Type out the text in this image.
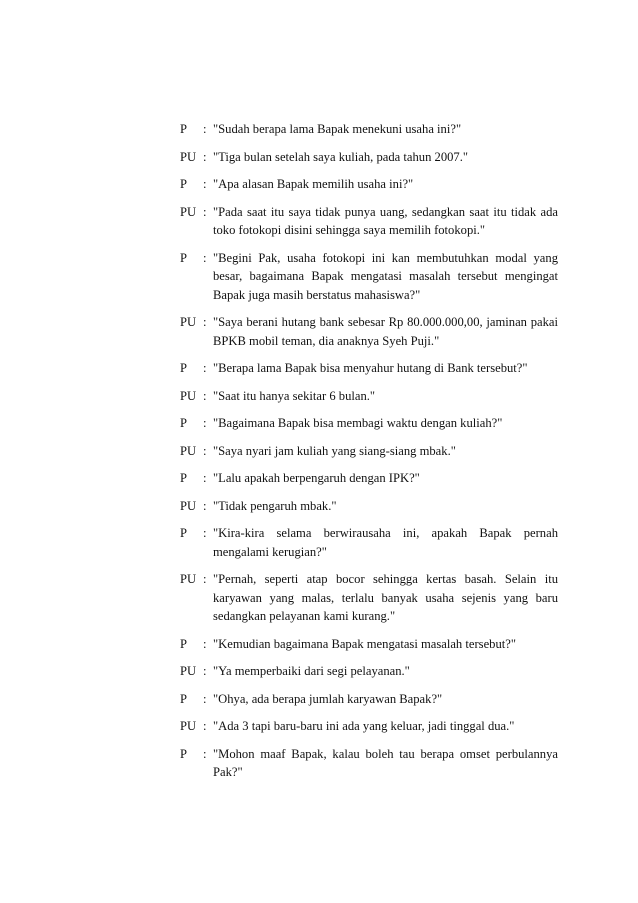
P	: "Sudah berapa lama Bapak menekuni usaha ini?"
PU : "Tiga bulan setelah saya kuliah, pada tahun 2007."
P	: "Apa alasan Bapak memilih usaha ini?"
PU : "Pada saat itu saya tidak punya uang, sedangkan saat itu tidak ada toko fotokopi disini sehingga saya memilih fotokopi."
P	: "Begini Pak, usaha fotokopi ini kan membutuhkan modal yang besar, bagaimana Bapak mengatasi masalah tersebut mengingat Bapak juga masih berstatus mahasiswa?"
PU : "Saya berani hutang bank sebesar Rp 80.000.000,00, jaminan pakai BPKB mobil teman, dia anaknya Syeh Puji."
P	: "Berapa lama Bapak bisa menyahur hutang di Bank tersebut?"
PU : "Saat itu hanya sekitar 6 bulan."
P	: "Bagaimana Bapak bisa membagi waktu dengan kuliah?"
PU : "Saya nyari jam kuliah yang siang-siang mbak."
P	: "Lalu apakah berpengaruh dengan IPK?"
PU : "Tidak pengaruh mbak."
P	: "Kira-kira selama berwirausaha ini, apakah Bapak pernah mengalami kerugian?"
PU : "Pernah, seperti atap bocor sehingga kertas basah. Selain itu karyawan yang malas, terlalu banyak usaha sejenis yang baru sedangkan pelayanan kami kurang."
P	: "Kemudian bagaimana Bapak mengatasi masalah tersebut?"
PU : "Ya memperbaiki dari segi pelayanan."
P	: "Ohya, ada berapa jumlah karyawan Bapak?"
PU : "Ada 3 tapi baru-baru ini ada yang keluar, jadi tinggal dua."
P	: "Mohon maaf Bapak, kalau boleh tau berapa omset perbulannya Pak?"
